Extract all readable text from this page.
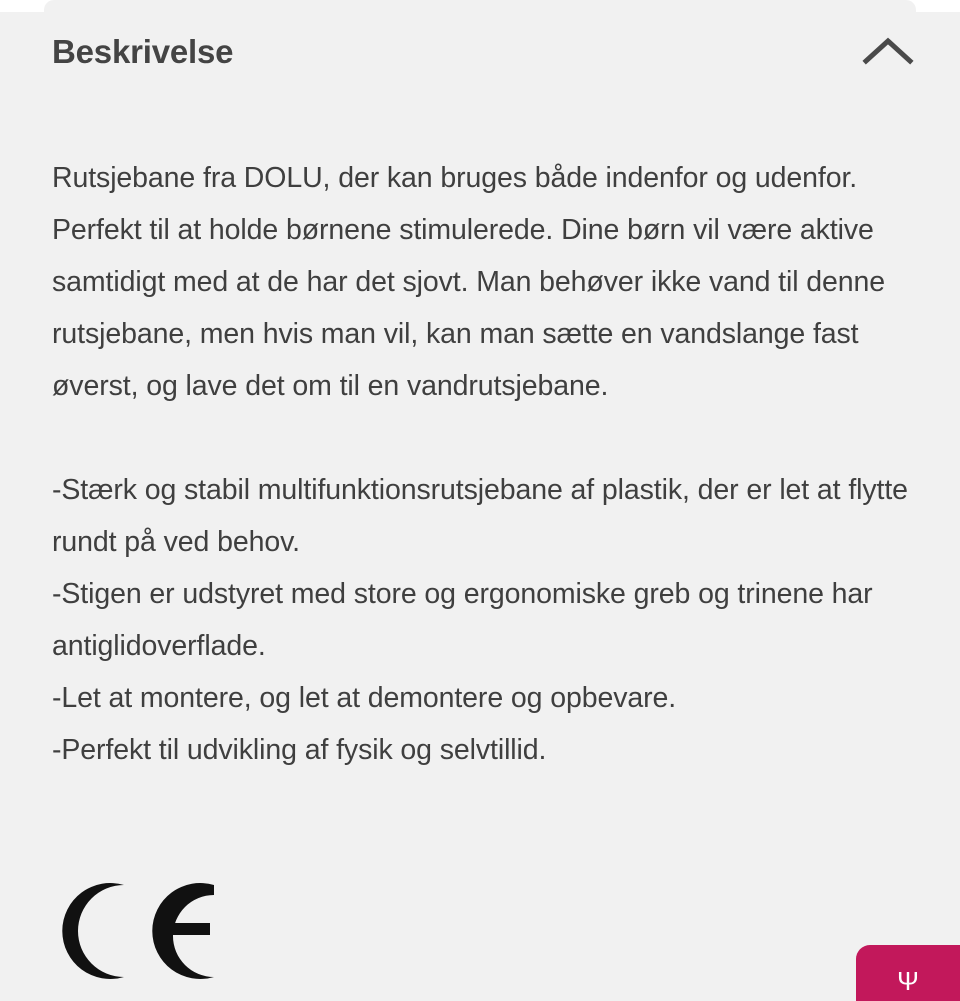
Beskrivelse
Rutsjebane fra DOLU, der kan bruges både indenfor og udenfor. Perfekt til at holde børnene stimulerede. Dine børn vil være aktive samtidigt med at de har det sjovt. Man behøver ikke vand til denne rutsjebane, men hvis man vil, kan man sætte en vandslange fast øverst, og lave det om til en vandrutsjebane.
-Stærk og stabil multifunktionsrutsjebane af plastik, der er let at flytte rundt på ved behov.
-Stigen er udstyret med store og ergonomiske greb og trinene har antiglidoverflade.
-Let at montere, og let at demontere og opbevare.
-Perfekt til udvikling af fysik og selvtillid.
Ψ
